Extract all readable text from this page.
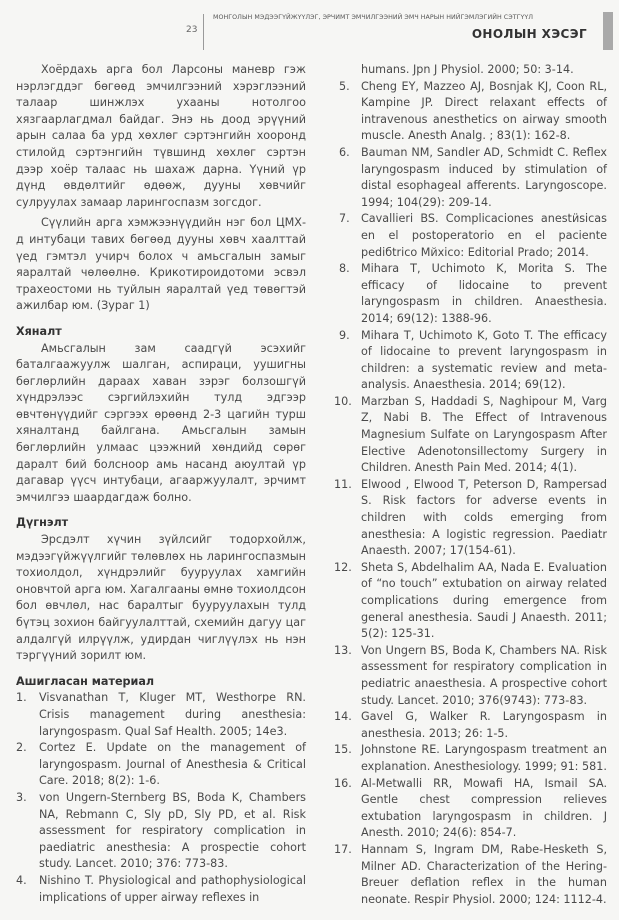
23
МОНГОЛЫН МЭДЭЭГҮЙЖҮҮЛЭГ, ЭРЧИМТ ЭМЧИЛГЭЭНИЙ ЭМЧ НАРЫН НИЙГЭМЛЭГИЙН СЭТГҮҮЛ
ОНОЛЫН ХЭСЭГ

Хоёрдахь арга бол Ларсоны маневр гэж нэрлэгддэг бөгөөд эмчилгээний хэрэглээний талаар шинжлэх ухааны нотолгоо хязгаарлагдмал байдаг. Энэ нь доод эрүүний арын салаа ба урд хөхлөг сэртэнгийн хооронд стилойд сэртэнгийн түвшинд хөхлөг сэртэн дээр хоёр талаас нь шахаж дарна. Үүний үр дүнд өвдөлтийг өдөөж, дууны хөвчийг сулруулах замаар ларингоспазм зогсдог.

Сүүлийн арга хэмжээнүүдийн нэг бол ЦМХ-д интубаци тавих бөгөөд дууны хөвч хаалттай үед гэмтэл учирч болох ч амьсгалын замыг яаралтай чөлөөлнө. Крикотироидотоми эсвэл трахеостоми нь туйлын яаралтай үед төвөгтэй ажилбар юм. (Зураг 1)

Хяналт

Амьсгалын зам саадгүй эсэхийг баталгаажуулж шалган, аспираци, уушигны бөглөрлийн дараах хаван зэрэг болзошгүй хүндрэлээс сэргийлэхийн тулд эдгээр өвчтөнүүдийг сэргээх өрөөнд 2-3 цагийн турш хяналтанд байлгана. Амьсгалын замын бөглөрлийн улмаас цээжний хөндийд сөрөг даралт бий болсноор амь насанд аюултай үр дагавар үүсч интубаци, агааржуулалт, эрчимт эмчилгээ шаардагдаж болно.

Дүгнэлт

Эрсдэлт хүчин зүйлсийг тодорхойлж, мэдээгүйжүүлгийг төлөвлөх нь ларингоспазмын тохиолдол, хүндрэлийг бууруулах хамгийн оновчтой арга юм. Хагалгааны өмнө тохиолдсон бол өвчлөл, нас баралтыг бууруулахын тулд бүтэц зохион байгуулалттай, схемийн дагуу цаг алдалгүй илрүүлж, удирдан чиглүүлэх нь нэн тэргүүний зорилт юм.

Ашигласан материал
1. Visvanathan T, Kluger MT, Westhorpe RN. Crisis management during anesthesia: laryngospasm. Qual Saf Health. 2005; 14e3.
2. Cortez E. Update on the management of laryngospasm. Journal of Anesthesia & Critical Care. 2018; 8(2): 1-6.
3. von Ungern-Sternberg BS, Boda K, Chambers NA, Rebmann C, Sly pD, Sly PD, et al. Risk assessment for respiratory complication in paediatric anesthesia: A prospectie cohort study. Lancet. 2010; 376: 773-83.
4. Nishino T. Physiological and pathophysiological implications of upper airway reflexes in
humans. Jpn J Physiol. 2000; 50: 3-14.
5. Cheng EY, Mazzeo AJ, Bosnjak KJ, Coon RL, Kampine JP. Direct relaxant effects of intravenous anesthetics on airway smooth muscle. Anesth Analg. ; 83(1): 162-8.
6. Bauman NM, Sandler AD, Schmidt C. Reflex laryngospasm induced by stimulation of distal esophageal afferents. Laryngoscope. 1994; 104(29): 209-14.
7. Cavallieri BS. Complicaciones anestӥsicas en el postoperatorio en el paciente pediбtrico Mйxico: Editorial Prado; 2014.
8. Mihara T, Uchimoto K, Morita S. The efficacy of lidocaine to prevent laryngospasm in children. Anaesthesia. 2014; 69(12): 1388-96.
9. Mihara T, Uchimoto K, Goto T. The efficacy of lidocaine to prevent laryngospasm in children: a systematic review and meta-analysis. Anaesthesia. 2014; 69(12).
10. Marzban S, Haddadi S, Naghipour M, Varg Z, Nabi B. The Effect of Intravenous Magnesium Sulfate on Laryngospasm After Elective Adenotonsillectomy Surgery in Children. Anesth Pain Med. 2014; 4(1).
11. Elwood , Elwood T, Peterson D, Rampersad S. Risk factors for adverse events in children with colds emerging from anesthesia: A logistic regression. Paediatr Anaesth. 2007; 17(154-61).
12. Sheta S, Abdelhalim AA, Nada E. Evaluation of “no touch” extubation on airway related complications during emergence from general anesthesia. Saudi J Anaesth. 2011; 5(2): 125-31.
13. Von Ungern BS, Boda K, Chambers NA. Risk assessment for respiratory complication in pediatric anaesthesia. A prospective cohort study. Lancet. 2010; 376(9743): 773-83.
14. Gavel G, Walker R. Laryngospasm in anesthesia. 2013; 26: 1-5.
15. Johnstone RE. Laryngospasm treatment an explanation. Anesthesiology. 1999; 91: 581.
16. Al-Metwalli RR, Mowafi HA, Ismail SA. Gentle chest compression relieves extubation laryngospasm in children. J Anesth. 2010; 24(6): 854-7.
17. Hannam S, Ingram DM, Rabe-Hesketh S, Milner AD. Characterization of the Hering-Breuer deflation reflex in the human neonate. Respir Physiol. 2000; 124: 1112-4.
